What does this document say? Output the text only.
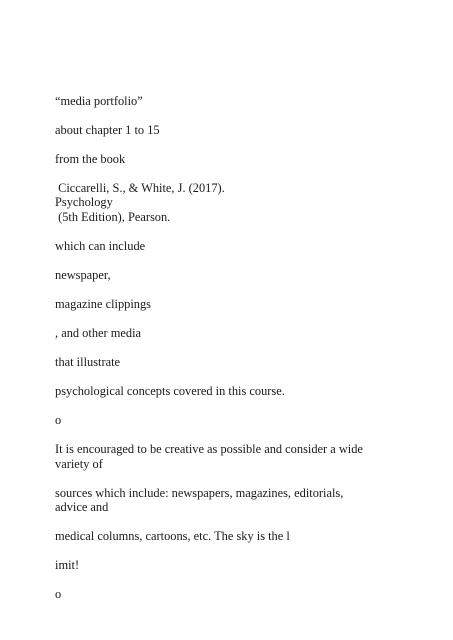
“media portfolio”
about chapter 1 to 15
from the book
Ciccarelli, S., & White, J. (2017).
Psychology
(5th Edition), Pearson.
which can include
newspaper,
magazine clippings
, and other media
that illustrate
psychological concepts covered in this course.
o
It is encouraged to be creative as possible and consider a wide
variety of
sources which include: newspapers, magazines, editorials,
advice and
medical columns, cartoons, etc. The sky is the l
imit!
o
